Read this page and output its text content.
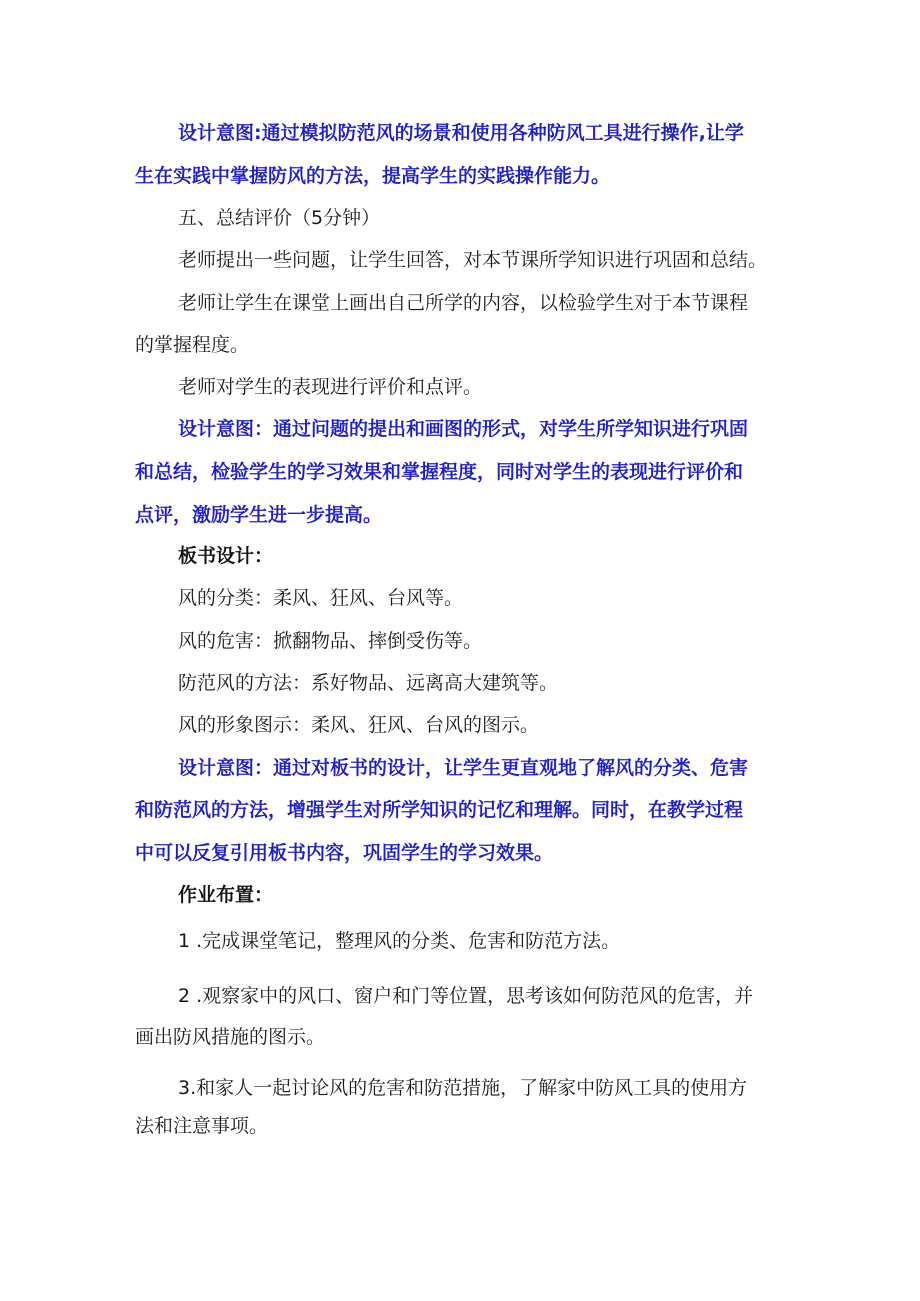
设计意图:通过模拟防范风的场景和使用各种防风工具进行操作,让学
生在实践中掌握防风的方法，提高学生的实践操作能力。
五、总结评价（5分钟）
老师提出一些问题，让学生回答，对本节课所学知识进行巩固和总结。
老师让学生在课堂上画出自己所学的内容，以检验学生对于本节课程
的掌握程度。
老师对学生的表现进行评价和点评。
设计意图：通过问题的提出和画图的形式，对学生所学知识进行巩固
和总结，检验学生的学习效果和掌握程度，同时对学生的表现进行评价和
点评，激励学生进一步提高。
板书设计：
风的分类：柔风、狂风、台风等。
风的危害：掀翻物品、摔倒受伤等。
防范风的方法：系好物品、远离高大建筑等。
风的形象图示：柔风、狂风、台风的图示。
设计意图：通过对板书的设计，让学生更直观地了解风的分类、危害
和防范风的方法，增强学生对所学知识的记忆和理解。同时，在教学过程
中可以反复引用板书内容，巩固学生的学习效果。
作业布置：
1 .完成课堂笔记，整理风的分类、危害和防范方法。
2 .观察家中的风口、窗户和门等位置，思考该如何防范风的危害，并
画出防风措施的图示。
3.和家人一起讨论风的危害和防范措施，了解家中防风工具的使用方
法和注意事项。
